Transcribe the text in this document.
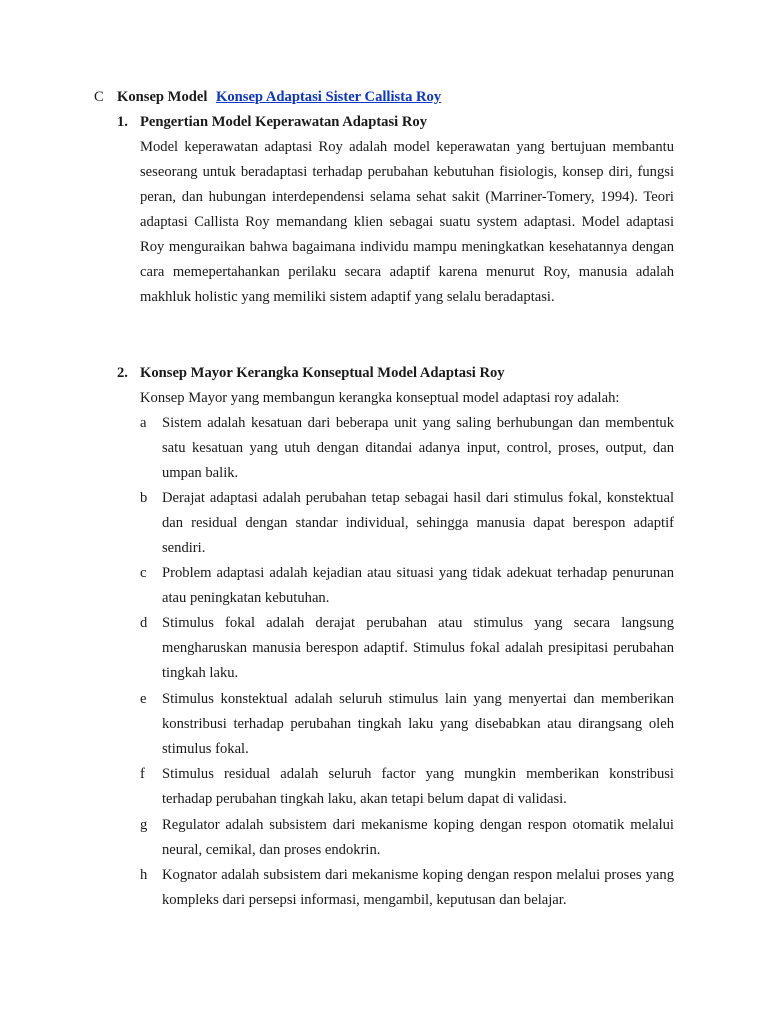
C Konsep Model Konsep Adaptasi Sister Callista Roy
1. Pengertian Model Keperawatan Adaptasi Roy
Model keperawatan adaptasi Roy adalah model keperawatan yang bertujuan membantu seseorang untuk beradaptasi terhadap perubahan kebutuhan fisiologis, konsep diri, fungsi peran, dan hubungan interdependensi selama sehat sakit (Marriner-Tomery, 1994). Teori adaptasi Callista Roy memandang klien sebagai suatu system adaptasi. Model adaptasi Roy menguraikan bahwa bagaimana individu mampu meningkatkan kesehatannya dengan cara memepertahankan perilaku secara adaptif karena menurut Roy, manusia adalah makhluk holistic yang memiliki sistem adaptif yang selalu beradaptasi.
2. Konsep Mayor Kerangka Konseptual Model Adaptasi Roy
Konsep Mayor yang membangun kerangka konseptual model adaptasi roy adalah:
a Sistem adalah kesatuan dari beberapa unit yang saling berhubungan dan membentuk satu kesatuan yang utuh dengan ditandai adanya input, control, proses, output, dan umpan balik.
b Derajat adaptasi adalah perubahan tetap sebagai hasil dari stimulus fokal, konstektual dan residual dengan standar individual, sehingga manusia dapat berespon adaptif sendiri.
c Problem adaptasi adalah kejadian atau situasi yang tidak adekuat terhadap penurunan atau peningkatan kebutuhan.
d Stimulus fokal adalah derajat perubahan atau stimulus yang secara langsung mengharuskan manusia berespon adaptif. Stimulus fokal adalah presipitasi perubahan tingkah laku.
e Stimulus konstektual adalah seluruh stimulus lain yang menyertai dan memberikan konstribusi terhadap perubahan tingkah laku yang disebabkan atau dirangsang oleh stimulus fokal.
f Stimulus residual adalah seluruh factor yang mungkin memberikan konstribusi terhadap perubahan tingkah laku, akan tetapi belum dapat di validasi.
g Regulator adalah subsistem dari mekanisme koping dengan respon otomatik melalui neural, cemikal, dan proses endokrin.
h Kognator adalah subsistem dari mekanisme koping dengan respon melalui proses yang kompleks dari persepsi informasi, mengambil, keputusan dan belajar.
